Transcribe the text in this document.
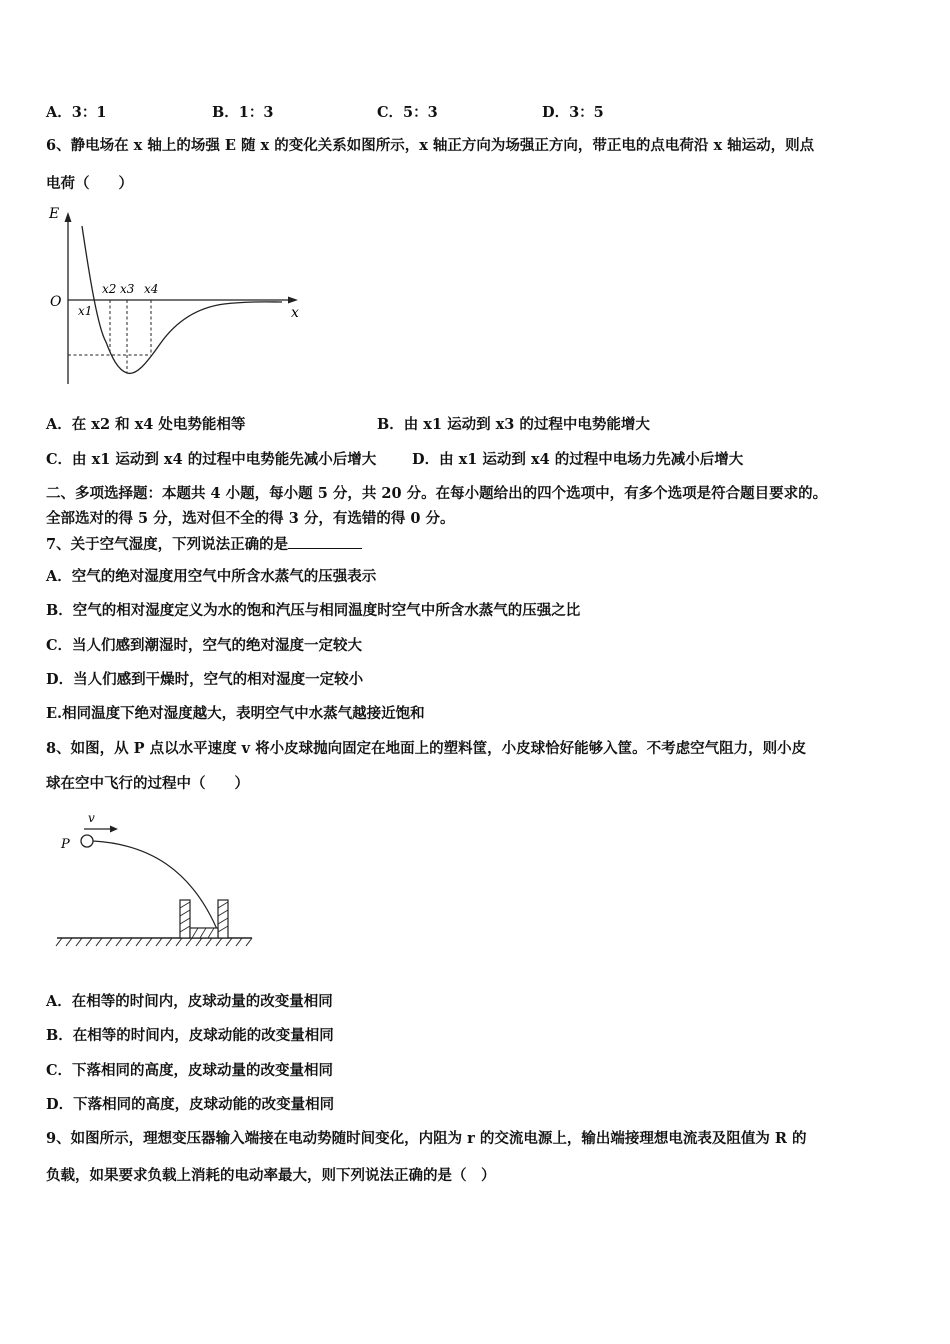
A．3：1	B．1：3	C．5：3	D．3：5
6、静电场在 x 轴上的场强 E 随 x 的变化关系如图所示，x 轴正方向为场强正方向，带正电的点电荷沿 x 轴运动，则点
电荷（　　）
E
O
x
x1
x2 x3 x4
A．在 x2 和 x4 处电势能相等	B．由 x1 运动到 x3 的过程中电势能增大
C．由 x1 运动到 x4 的过程中电势能先减小后增大 D．由 x1 运动到 x4 的过程中电场力先减小后增大
二、多项选择题：本题共 4 小题，每小题 5 分，共 20 分。在每小题给出的四个选项中，有多个选项是符合题目要求的。
全部选对的得 5 分，选对但不全的得 3 分，有选错的得 0 分。
7、关于空气湿度，下列说法正确的是
A．空气的绝对湿度用空气中所含水蒸气的压强表示
B．空气的相对湿度定义为水的饱和汽压与相同温度时空气中所含水蒸气的压强之比
C．当人们感到潮湿时，空气的绝对湿度一定较大
D．当人们感到干燥时，空气的相对湿度一定较小
E.相同温度下绝对湿度越大，表明空气中水蒸气越接近饱和
8、如图，从 P 点以水平速度 v 将小皮球抛向固定在地面上的塑料筐，小皮球恰好能够入筐。不考虑空气阻力，则小皮
球在空中飞行的过程中（　　）
v
P
A．在相等的时间内，皮球动量的改变量相同
B．在相等的时间内，皮球动能的改变量相同
C．下落相同的高度，皮球动量的改变量相同
D．下落相同的高度，皮球动能的改变量相同
9、如图所示，理想变压器输入端接在电动势随时间变化，内阻为 r 的交流电源上，输出端接理想电流表及阻值为 R 的
负载，如果要求负载上消耗的电动率最大，则下列说法正确的是（　）
